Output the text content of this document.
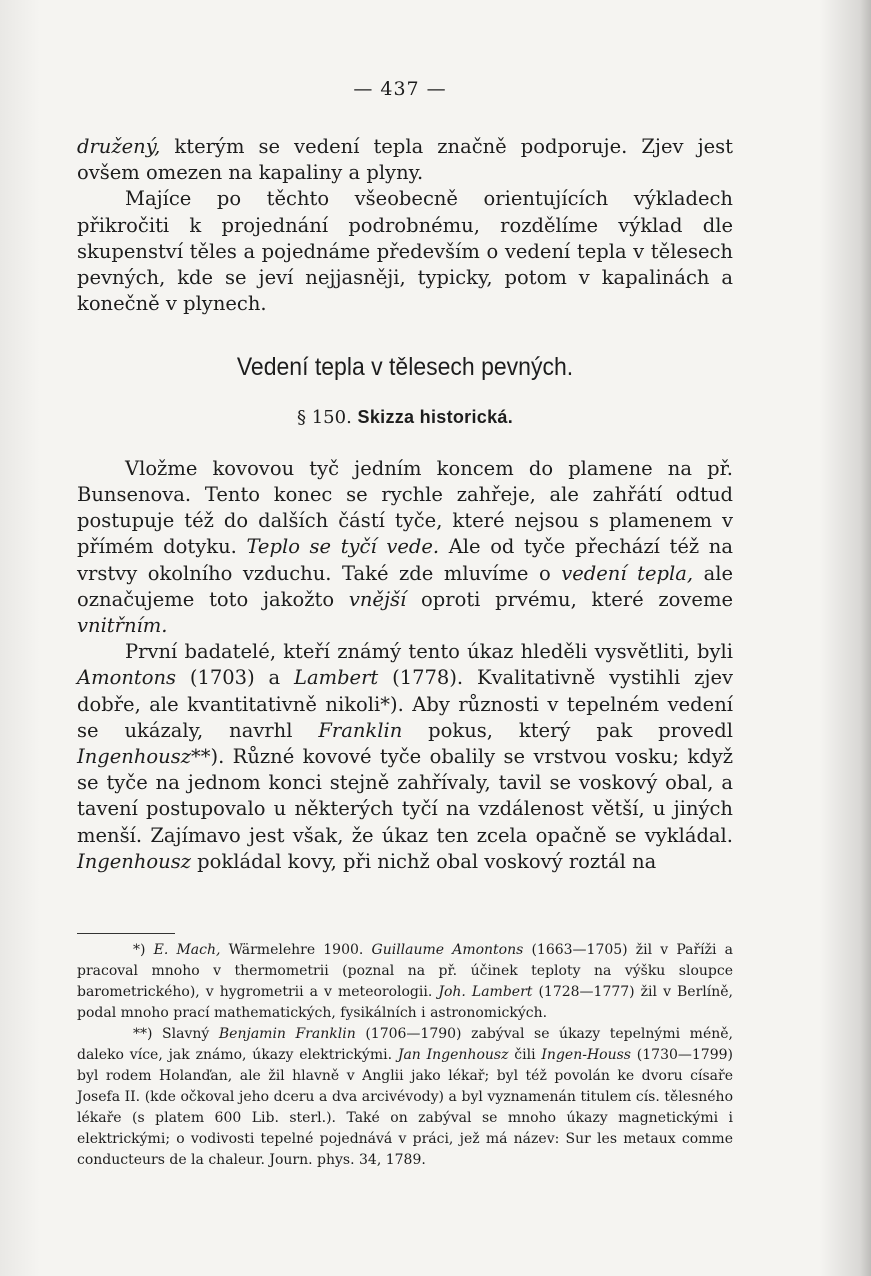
— 437 —

družený, kterým se vedení tepla značně podporuje. Zjev jest ovšem omezen na kapaliny a plyny.

Majíce po těchto všeobecně orientujících výkladech přikročiti k projednání podrobnému, rozdělíme výklad dle skupenství těles a pojednáme především o vedení tepla v tělesech pevných, kde se jeví nejjasněji, typicky, potom v kapalinách a konečně v plynech.

Vedení tepla v tělesech pevných.

§ 150. Skizza historická.

Vložme kovovou tyč jedním koncem do plamene na př. Bunsenova. Tento konec se rychle zahřeje, ale zahřátí odtud postupuje též do dalších částí tyče, které nejsou s plamenem v přímém dotyku. Teplo se tyčí vede. Ale od tyče přechází též na vrstvy okolního vzduchu. Také zde mluvíme o vedení tepla, ale označujeme toto jakožto vnější oproti prvému, které zoveme vnitřním.

První badatelé, kteří známý tento úkaz hleděli vysvětliti, byli Amontons (1703) a Lambert (1778). Kvalitativně vystihli zjev dobře, ale kvantitativně nikoli*). Aby různosti v tepelném vedení se ukázaly, navrhl Franklin pokus, který pak provedl Ingenhousz**). Různé kovové tyče obalily se vrstvou vosku; když se tyče na jednom konci stejně zahřívaly, tavil se voskový obal, a tavení postupovalo u některých tyčí na vzdálenost větší, u jiných menší. Zajímavo jest však, že úkaz ten zcela opačně se vykládal. Ingenhousz pokládal kovy, při nichž obal voskový roztál na

*) E. Mach, Wärmelehre 1900. Guillaume Amontons (1663—1705) žil v Paříži a pracoval mnoho v thermometrii (poznal na př. účinek teploty na výšku sloupce barometrického), v hygrometrii a v meteorologii. Joh. Lambert (1728—1777) žil v Berlíně, podal mnoho prací mathematických, fysikálních i astronomických.

**) Slavný Benjamin Franklin (1706—1790) zabýval se úkazy tepelnými méně, daleko více, jak známo, úkazy elektrickými. Jan Ingenhousz čili Ingen-Houss (1730—1799) byl rodem Holanďan, ale žil hlavně v Anglii jako lékař; byl též povolán ke dvoru císaře Josefa II. (kde očkoval jeho dceru a dva arcivévody) a byl vyznamenán titulem cís. tělesného lékaře (s platem 600 Lib. sterl.). Také on zabýval se mnoho úkazy magnetickými i elektrickými; o vodivosti tepelné pojednává v práci, jež má název: Sur les metaux comme conducteurs de la chaleur. Journ. phys. 34, 1789.
